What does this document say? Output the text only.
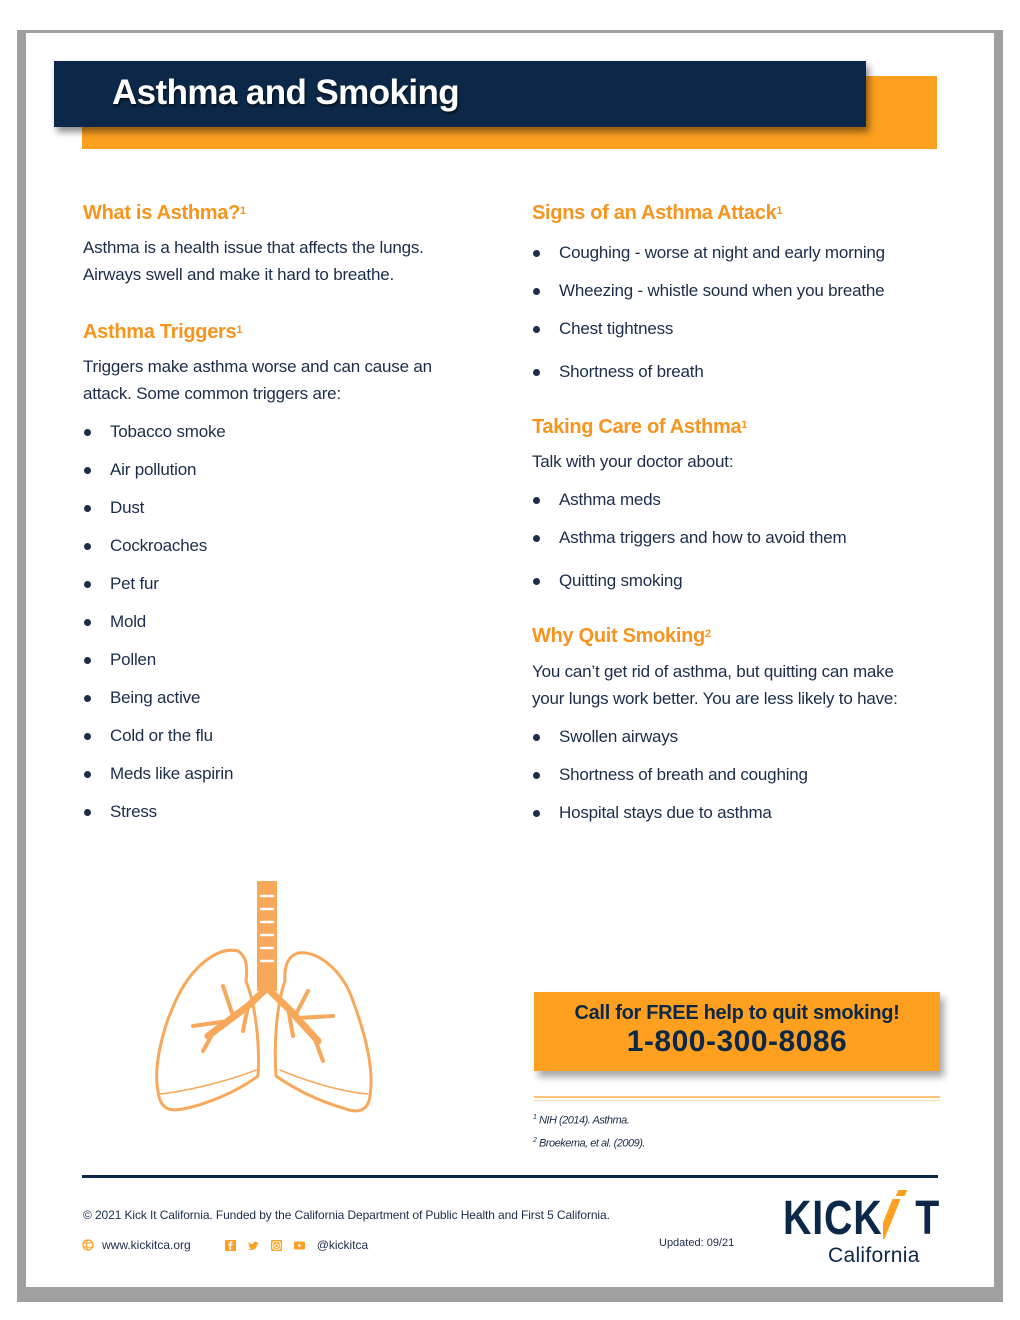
Asthma and Smoking
What is Asthma?$^1$

Asthma is a health issue that affects the lungs.
Airways swell and make it hard to breathe.

Asthma Triggers$^1$

Triggers make asthma worse and can cause an
attack. Some common triggers are:

Tobacco smoke
Air pollution
Dust
Cockroaches
Pet fur
Mold
Pollen
Being active
Cold or the flu
Meds like aspirin
Stress
Signs of an Asthma Attack$^1$
Coughing - worse at night and early morning
Wheezing - whistle sound when you breathe
Chest tightness
Shortness of breath
Taking Care of Asthma$^1$

Talk with your doctor about:

Asthma meds
Asthma triggers and how to avoid them
Quitting smoking
Why Quit Smoking$^2$

You can’t get rid of asthma, but quitting can make
your lungs work better. You are less likely to have:

Swollen airways
Shortness of breath and coughing
Hospital stays due to asthma
Call for FREE help to quit smoking!
1-800-300-8086
$^1$ NIH (2014). Asthma.
$^2$ Broekema, et al. (2009).
© 2021 Kick It California. Funded by the California Department of Public Health and First 5 California.
www.kickitca.org	@kickitca	Updated: 09/21 KICK T
California
